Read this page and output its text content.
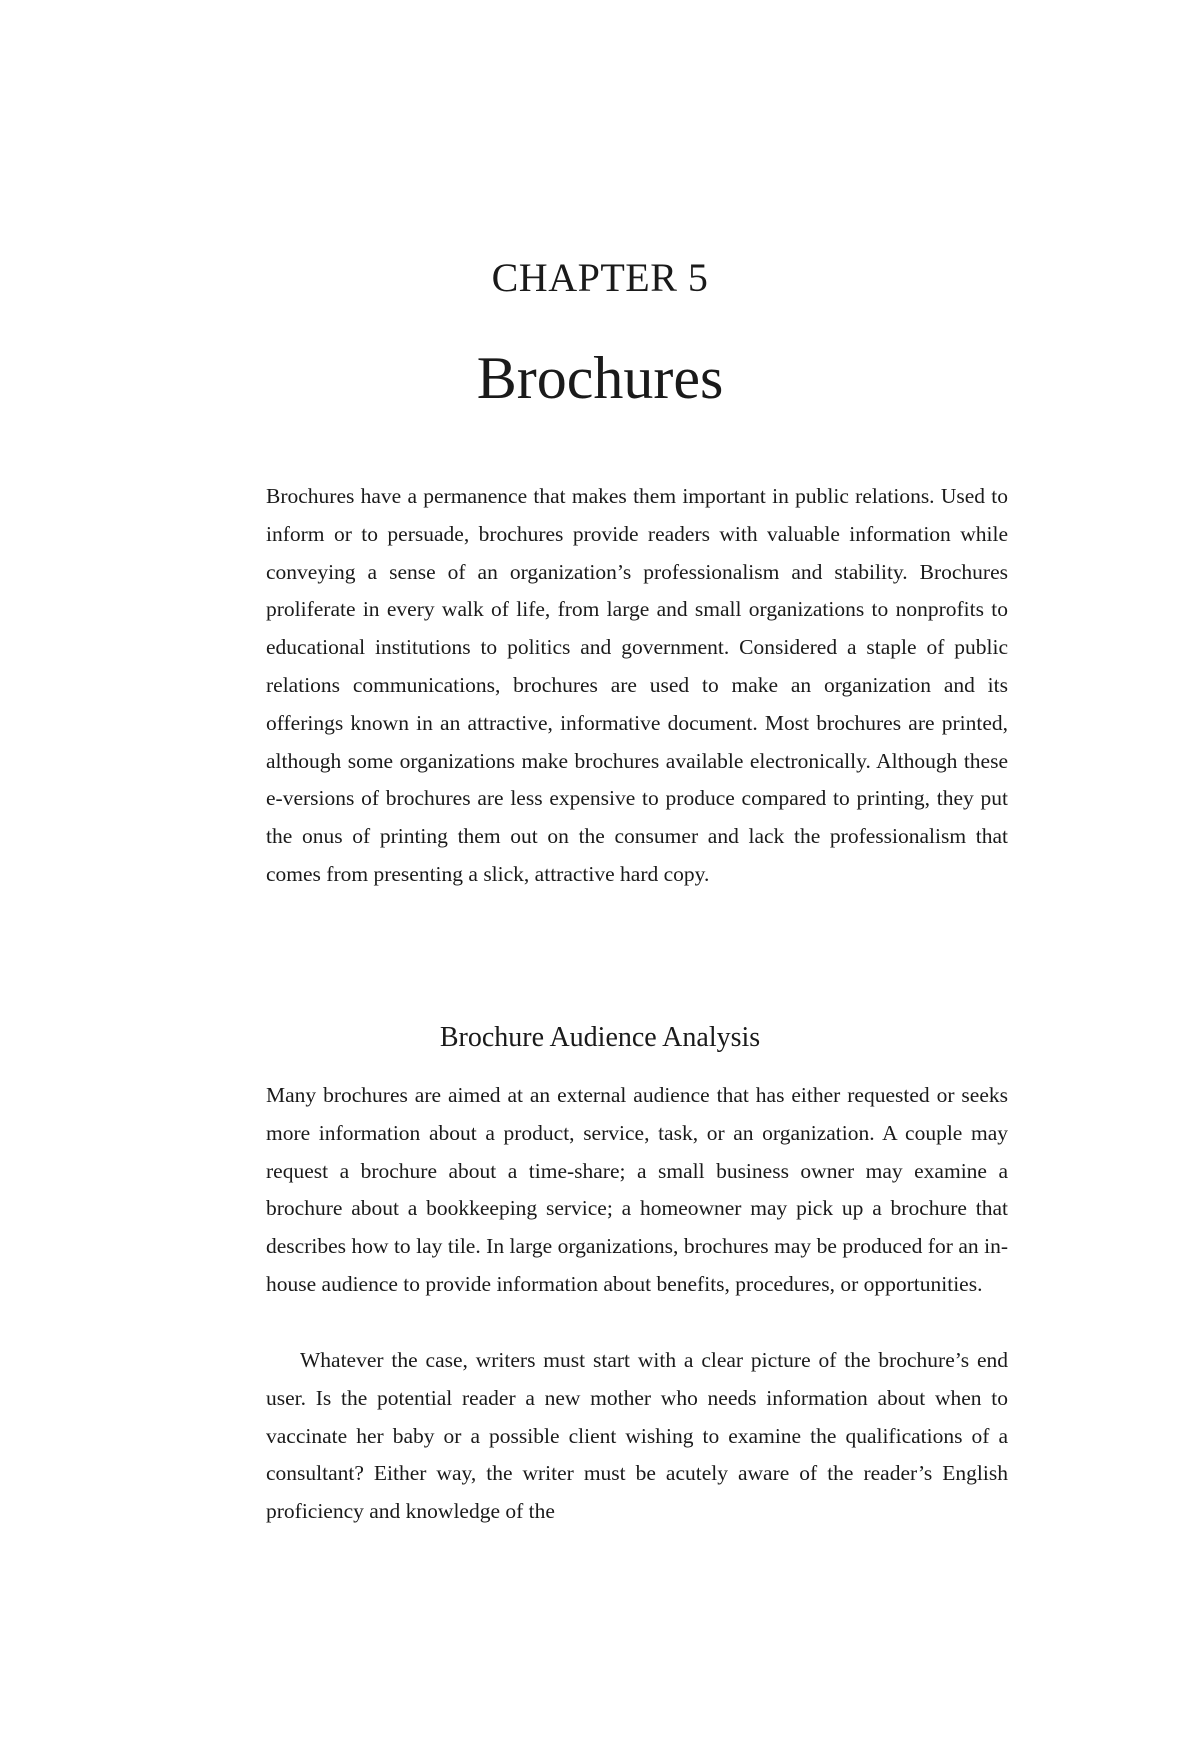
CHAPTER 5
Brochures

Brochures have a permanence that makes them important in public relations. Used to inform or to persuade, brochures provide readers with valuable information while conveying a sense of an organization’s professionalism and stability. Brochures proliferate in every walk of life, from large and small organizations to nonprofits to educational institutions to politics and government. Considered a staple of public relations communications, brochures are used to make an organization and its offerings known in an attractive, informative document. Most brochures are printed, although some organizations make brochures available electronically. Although these e-versions of brochures are less expensive to produce compared to printing, they put the onus of printing them out on the consumer and lack the professionalism that comes from presenting a slick, attractive hard copy.

Brochure Audience Analysis

Many brochures are aimed at an external audience that has either requested or seeks more information about a product, service, task, or an organization. A couple may request a brochure about a time-share; a small business owner may examine a brochure about a bookkeeping service; a homeowner may pick up a brochure that describes how to lay tile. In large organizations, brochures may be produced for an in-house audience to provide information about benefits, procedures, or opportunities.

Whatever the case, writers must start with a clear picture of the brochure’s end user. Is the potential reader a new mother who needs information about when to vaccinate her baby or a possible client wishing to examine the qualifications of a consultant? Either way, the writer must be acutely aware of the reader’s English proficiency and knowledge of the
